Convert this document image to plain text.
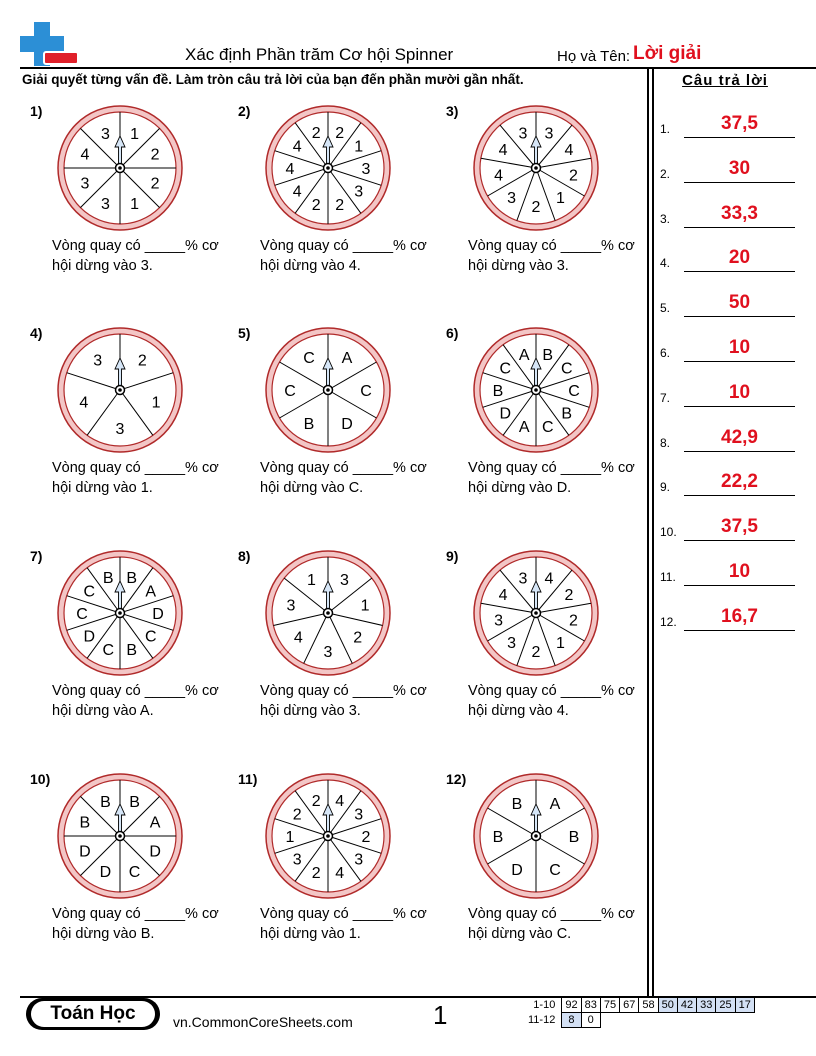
Xác định Phần trăm Cơ hội Spinner	Họ và Tên: Lời giải
Giải quyết từng vấn đề. Làm tròn câu trả lời của bạn đến phần mười gần nhất.	Câu trả lời
1.	37,5
2.	30
3.	33,3
4.	20
5.	50
6.	10
7.	10
8.	42,9
9.	22,2
10.	37,5
11.	10
12.	16,7
1)
Vòng quay có _____% cơ
hội dừng vào 3.
1
2
2
1
3
3
4
3
2)
Vòng quay có _____% cơ
hội dừng vào 4.
2
1
3
3
2
2
4
4
4
2
3)
Vòng quay có _____% cơ
hội dừng vào 3.
3
4
2
1
2
3
4
4
3
4)
Vòng quay có _____% cơ
hội dừng vào 1.
2
1
3
4
3
5)
Vòng quay có _____% cơ
hội dừng vào C.
A
C
D
B
C
C
6)
Vòng quay có _____% cơ
hội dừng vào D.
B
C
C
B
C
A
D
B
C
A
7)
Vòng quay có _____% cơ
hội dừng vào A.
B
A
D
C
B
C
D
C
C
B
8)
Vòng quay có _____% cơ
hội dừng vào 3.
3
1
2
3
4
3
1
9)
Vòng quay có _____% cơ
hội dừng vào 4.
4
2
2
1
2
3
3
4
3
10)
Vòng quay có _____% cơ
hội dừng vào B.
B
A
D
C
D
D
B
B
11)
Vòng quay có _____% cơ
hội dừng vào 1.
4
3
2
3
4
2
3
1
2
2
12)
Vòng quay có _____% cơ
hội dừng vào C.
A
B
C
D
B
B
Toán Học	vn.CommonCoreSheets.com	1	1-10	92	83	75	67	58	50	42	33	25	17
11-12	8	0								
